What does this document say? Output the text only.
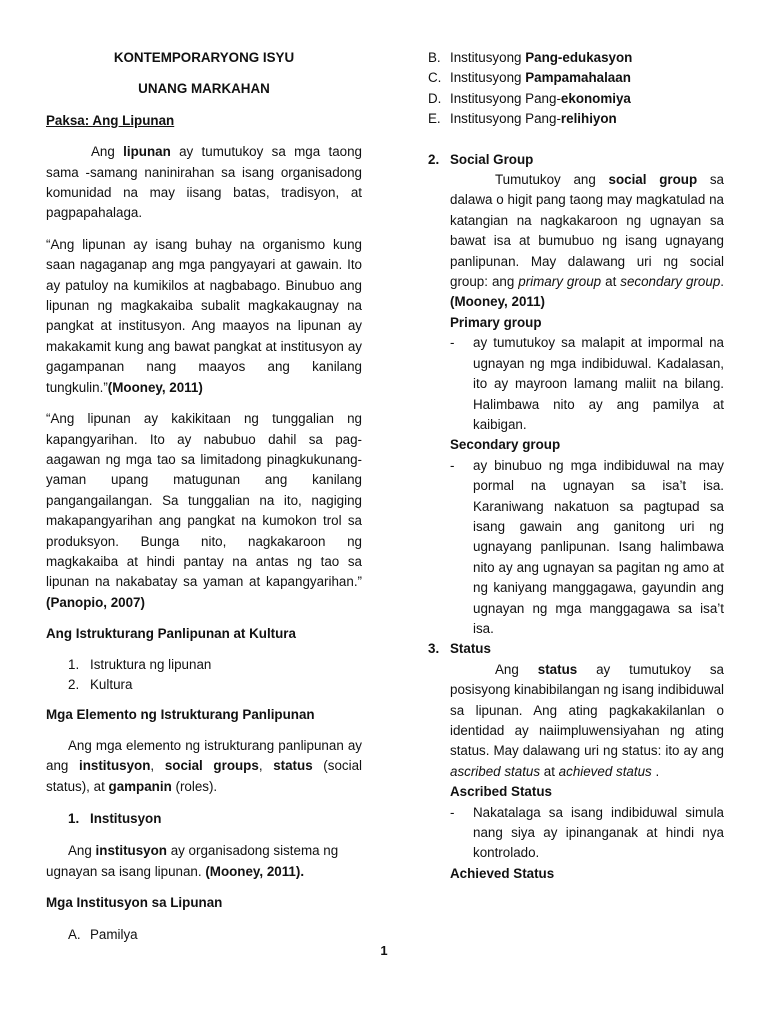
KONTEMPORARYONG ISYU

UNANG MARKAHAN

Paksa: Ang Lipunan

Ang lipunan ay tumutukoy sa mga taong sama -samang naninirahan sa isang organisadong komunidad na may iisang batas, tradisyon, at pagpapahalaga.

“Ang lipunan ay isang buhay na organismo kung saan nagaganap ang mga pangyayari at gawain. Ito ay patuloy na kumikilos at nagbabago. Binubuo ang lipunan ng magkakaiba subalit magkakaugnay na pangkat at institusyon. Ang maayos na lipunan ay makakamit kung ang bawat pangkat at institusyon ay gagampanan nang maayos ang kanilang tungkulin.”(Mooney, 2011)

“Ang lipunan ay kakikitaan ng tunggalian ng kapangyarihan. Ito ay nabubuo dahil sa pag-aagawan ng mga tao sa limitadong pinagkukunang-yaman upang matugunan ang kanilang pangangailangan. Sa tunggalian na ito, nagiging makapangyarihan ang pangkat na kumokon trol sa produksyon. Bunga nito, nagkakaroon ng magkakaiba at hindi pantay na antas ng tao sa lipunan na nakabatay sa yaman at kapangyarihan.” (Panopio, 2007)

Ang Istrukturang Panlipunan at Kultura

1. Istruktura ng lipunan

2. Kultura

Mga Elemento ng Istrukturang Panlipunan

Ang mga elemento ng istrukturang panlipunan ay ang institusyon, social groups, status (social status), at gampanin (roles).

1. Institusyon

Ang institusyon ay organisadong sistema ng ugnayan sa isang lipunan. (Mooney, 2011).

Mga Institusyon sa Lipunan

A. Pamilya

B. Institusyong Pang-edukasyon

C. Institusyong Pampamahalaan

D. Institusyong Pang-ekonomiya

E. Institusyong Pang-relihiyon

2. Social Group

Tumutukoy ang social group sa dalawa o higit pang taong may magkatulad na katangian na nagkakaroon ng ugnayan sa bawat isa at bumubuo ng isang ugnayang panlipunan. May dalawang uri ng social group: ang primary group at secondary group. (Mooney, 2011)

Primary group

- ay tumutukoy sa malapit at impormal na ugnayan ng mga indibiduwal. Kadalasan, ito ay mayroon lamang maliit na bilang. Halimbawa nito ay ang pamilya at kaibigan.

Secondary group

- ay binubuo ng mga indibiduwal na may pormal na ugnayan sa isa’t isa. Karaniwang nakatuon sa pagtupad sa isang gawain ang ganitong uri ng ugnayang panlipunan. Isang halimbawa nito ay ang ugnayan sa pagitan ng amo at ng kaniyang manggagawa, gayundin ang ugnayan ng mga manggagawa sa isa’t isa.

3. Status

Ang status ay tumutukoy sa posisyong kinabibilangan ng isang indibiduwal sa lipunan. Ang ating pagkakakilanlan o identidad ay naiimpluwensiyahan ng ating status. May dalawang uri ng status: ito ay ang ascribed status at achieved status .

Ascribed Status

- Nakatalaga sa isang indibiduwal simula nang siya ay ipinanganak at hindi nya kontrolado.

Achieved Status

1
